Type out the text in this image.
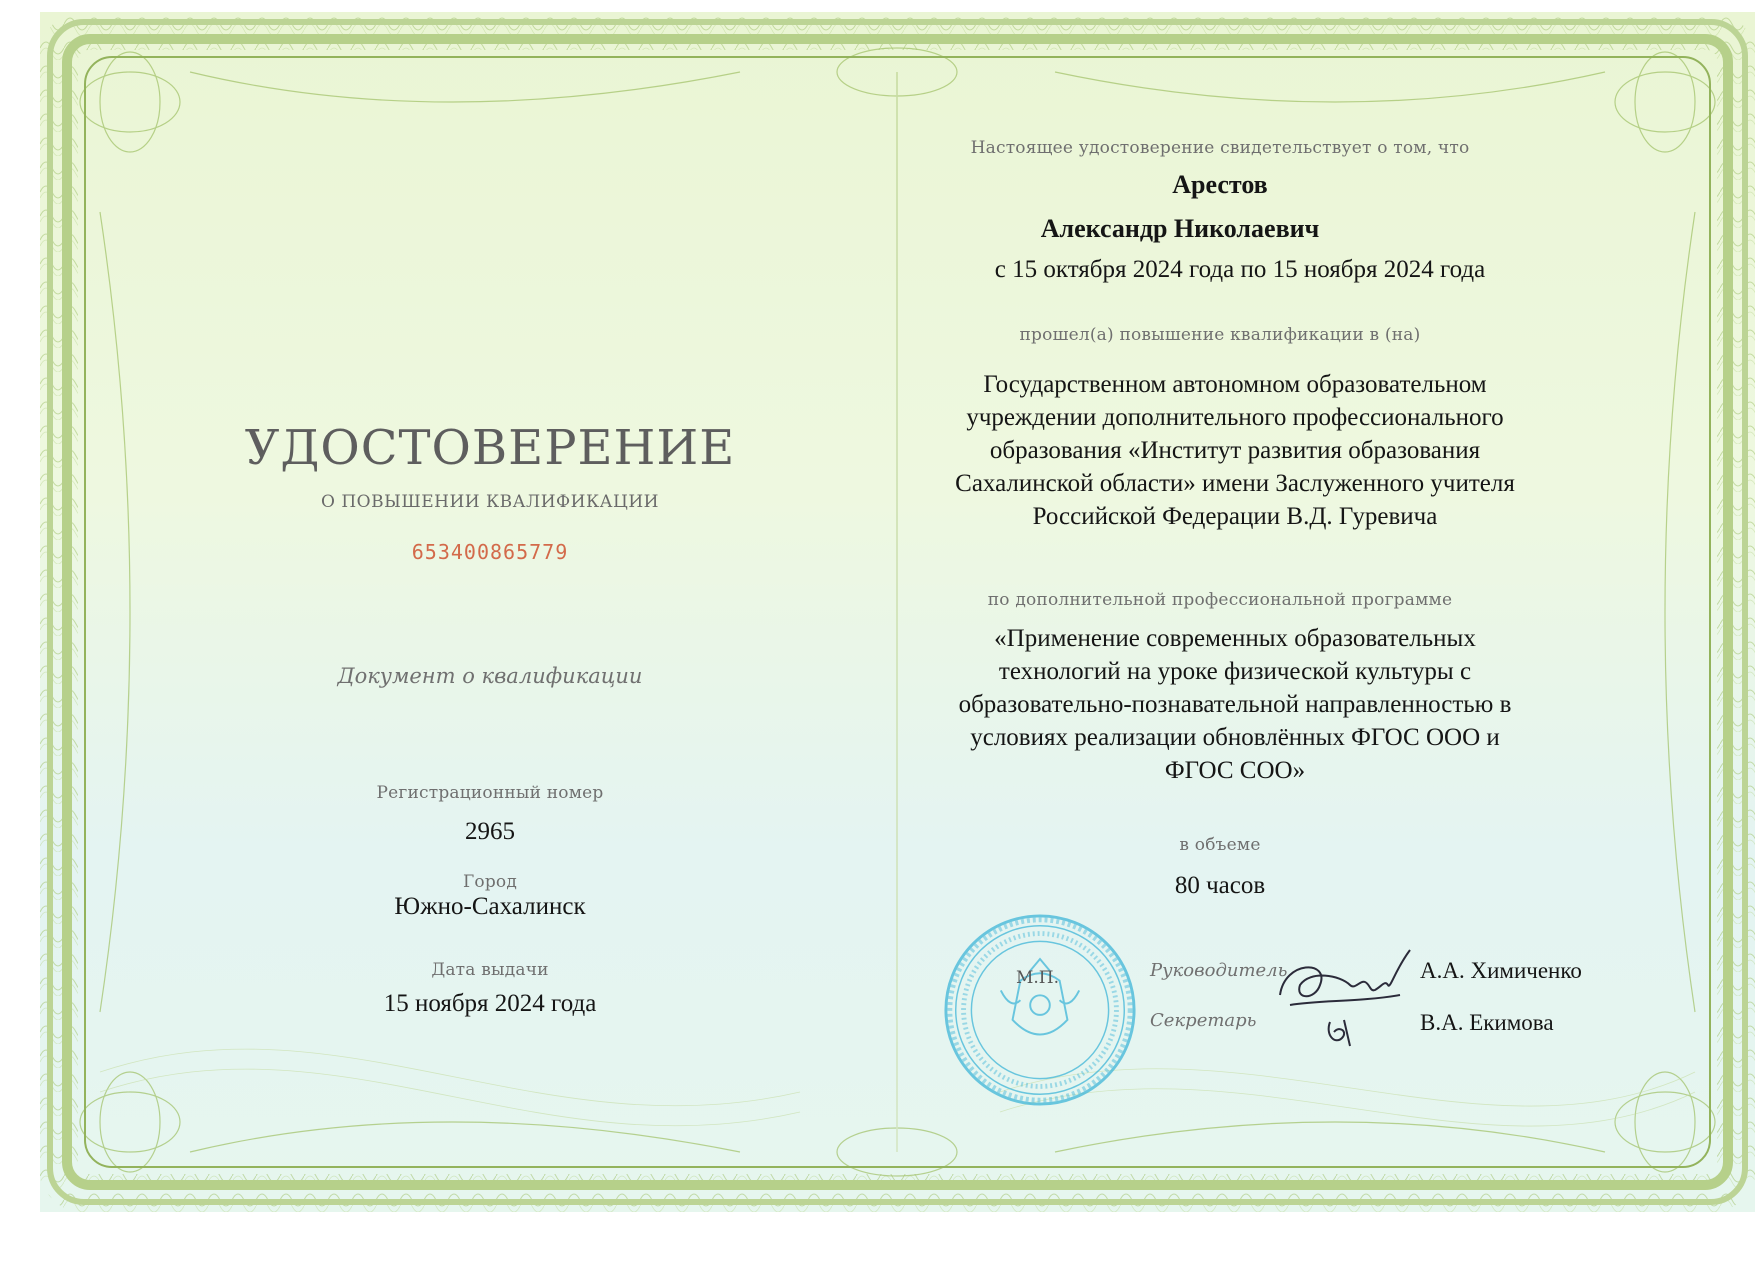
УДОСТОВЕРЕНИЕ
О ПОВЫШЕНИИ КВАЛИФИКАЦИИ
653400865779
Документ о квалификации
Регистрационный номер
2965
Город
Южно-Сахалинск
Дата выдачи
15 ноября 2024 года
Настоящее удостоверение свидетельствует о том, что
Арестов
Александр Николаевич
с 15 октября 2024 года по 15 ноября 2024 года
прошел(а) повышение квалификации в (на)
Государственном автономном образовательном
учреждении дополнительного профессионального
образования «Институт развития образования
Сахалинской области» имени Заслуженного учителя
Российской Федерации В.Д. Гуревича
по дополнительной профессиональной программе
«Применение современных образовательных
технологий на уроке физической культуры с
образовательно-познавательной направленностью в
условиях реализации обновлённых ФГОС ООО и
ФГОС СОО»
в объеме
80 часов
М.П.	Руководитель
Секретарь
А.А. Химиченко
В.А. Екимова
